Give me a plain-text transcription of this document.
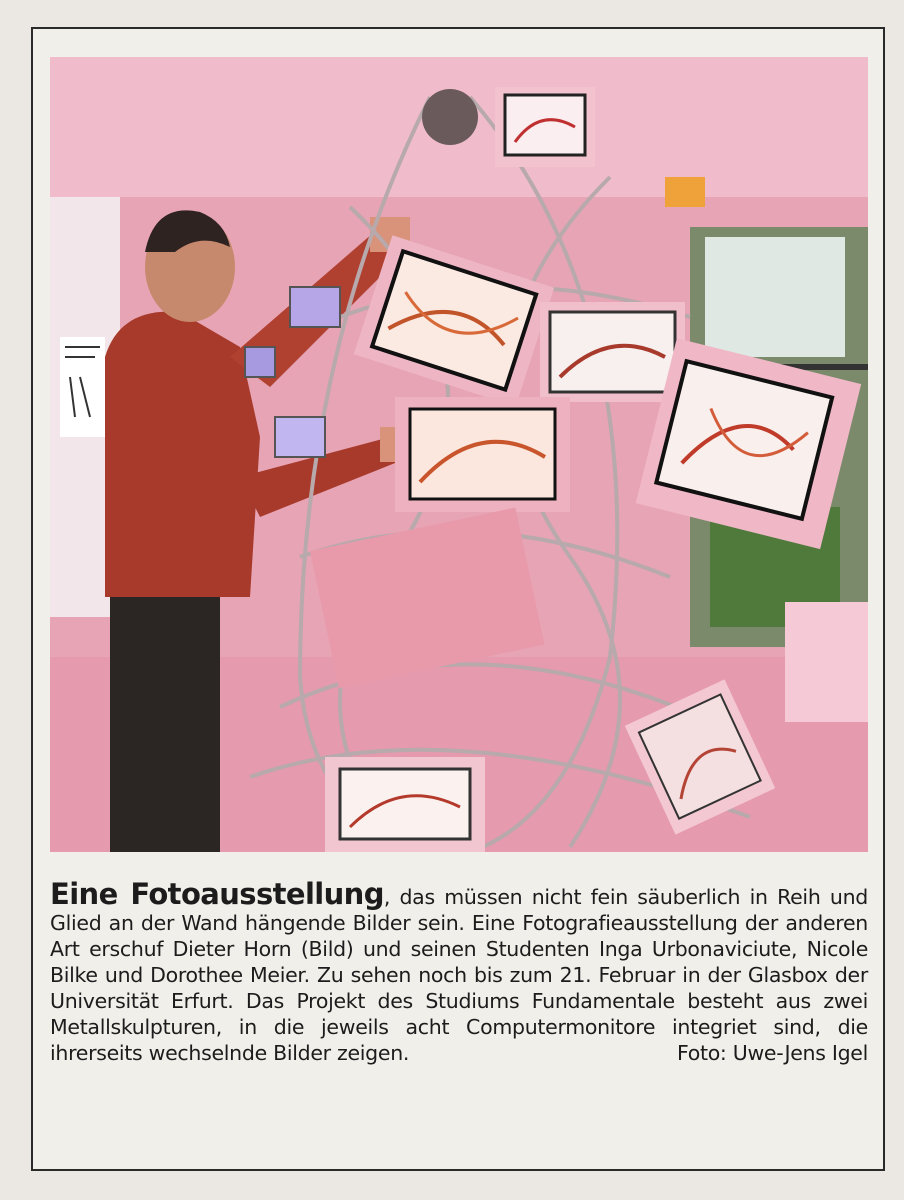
Eine Fotoausstellung, das müssen nicht fein säuberlich in Reih und Glied an der Wand hängende Bilder sein. Eine Fotografieausstellung der anderen Art erschuf Dieter Horn (Bild) und seinen Studenten Inga Urbonaviciute, Nicole Bilke und Dorothee Meier. Zu sehen noch bis zum 21. Februar in der Glasbox der Universität Erfurt. Das Projekt des Studiums Fundamentale besteht aus zwei Metallskulpturen, in die jeweils acht Computermonitore integriet sind, die ihrerseits wechselnde Bilder zeigen.	Foto: Uwe-Jens Igel
